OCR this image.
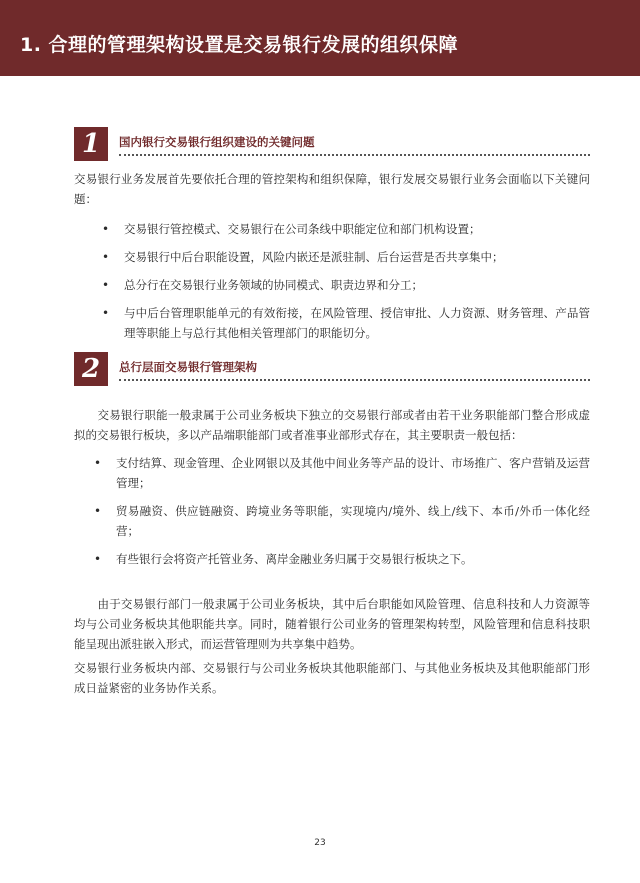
1. 合理的管理架构设置是交易银行发展的组织保障
1	国内银行交易银行组织建设的关键问题

交易银行业务发展首先要依托合理的管控架构和组织保障，银行发展交易银行业务会面临以下关键问题：

• 交易银行管控模式、交易银行在公司条线中职能定位和部门机构设置；
• 交易银行中后台职能设置，风险内嵌还是派驻制、后台运营是否共享集中；
• 总分行在交易银行业务领域的协同模式、职责边界和分工；
• 与中后台管理职能单元的有效衔接，在风险管理、授信审批、人力资源、财务管理、产品管理等职能上与总行其他相关管理部门的职能切分。
2	总行层面交易银行管理架构

　　交易银行职能一般隶属于公司业务板块下独立的交易银行部或者由若干业务职能部门整合形成虚拟的交易银行板块，多以产品端职能部门或者准事业部形式存在，其主要职责一般包括：

• 支付结算、现金管理、企业网银以及其他中间业务等产品的设计、市场推广、客户营销及运营管理；
• 贸易融资、供应链融资、跨境业务等职能，实现境内/境外、线上/线下、本币/外币一体化经营；
• 有些银行会将资产托管业务、离岸金融业务归属于交易银行板块之下。

　　由于交易银行部门一般隶属于公司业务板块，其中后台职能如风险管理、信息科技和人力资源等均与公司业务板块其他职能共享。同时，随着银行公司业务的管理架构转型，风险管理和信息科技职能呈现出派驻嵌入形式，而运营管理则为共享集中趋势。

交易银行业务板块内部、交易银行与公司业务板块其他职能部门、与其他业务板块及其他职能部门形成日益紧密的业务协作关系。

23
